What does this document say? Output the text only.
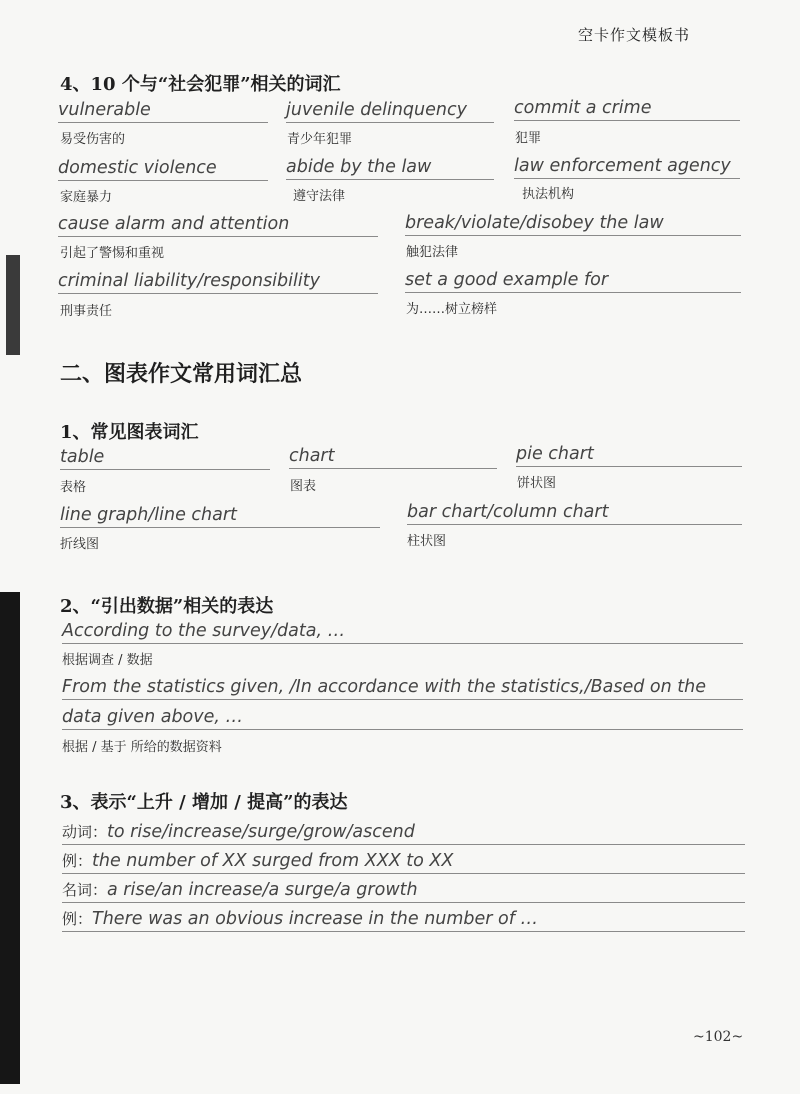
空卡作文模板书
4、10 个与“社会犯罪”相关的词汇
vulnerable
易受伤害的
juvenile delinquency
青少年犯罪
commit a crime
犯罪
domestic violence
家庭暴力
abide by the law
遵守法律
law enforcement agency
执法机构
cause alarm and attention
引起了警惕和重视
break/violate/disobey the law
触犯法律
criminal liability/responsibility
刑事责任
set a good example for
为……树立榜样
二、图表作文常用词汇总
1、常见图表词汇
table
表格
chart
图表
pie chart
饼状图
line graph/line chart
折线图
bar chart/column chart
柱状图
2、“引出数据”相关的表达
According to the survey/data, …
根据调查 / 数据
From the statistics given, /In accordance with the statistics,/Based on the
data given above, …
根据 / 基于 所给的数据资料
3、表示“上升 / 增加 / 提高”的表达
动词：to rise/increase/surge/grow/ascend
例：the number of XX surged from XXX to XX
名词：a rise/an increase/a surge/a growth
例：There was an obvious increase in the number of …
~102~
